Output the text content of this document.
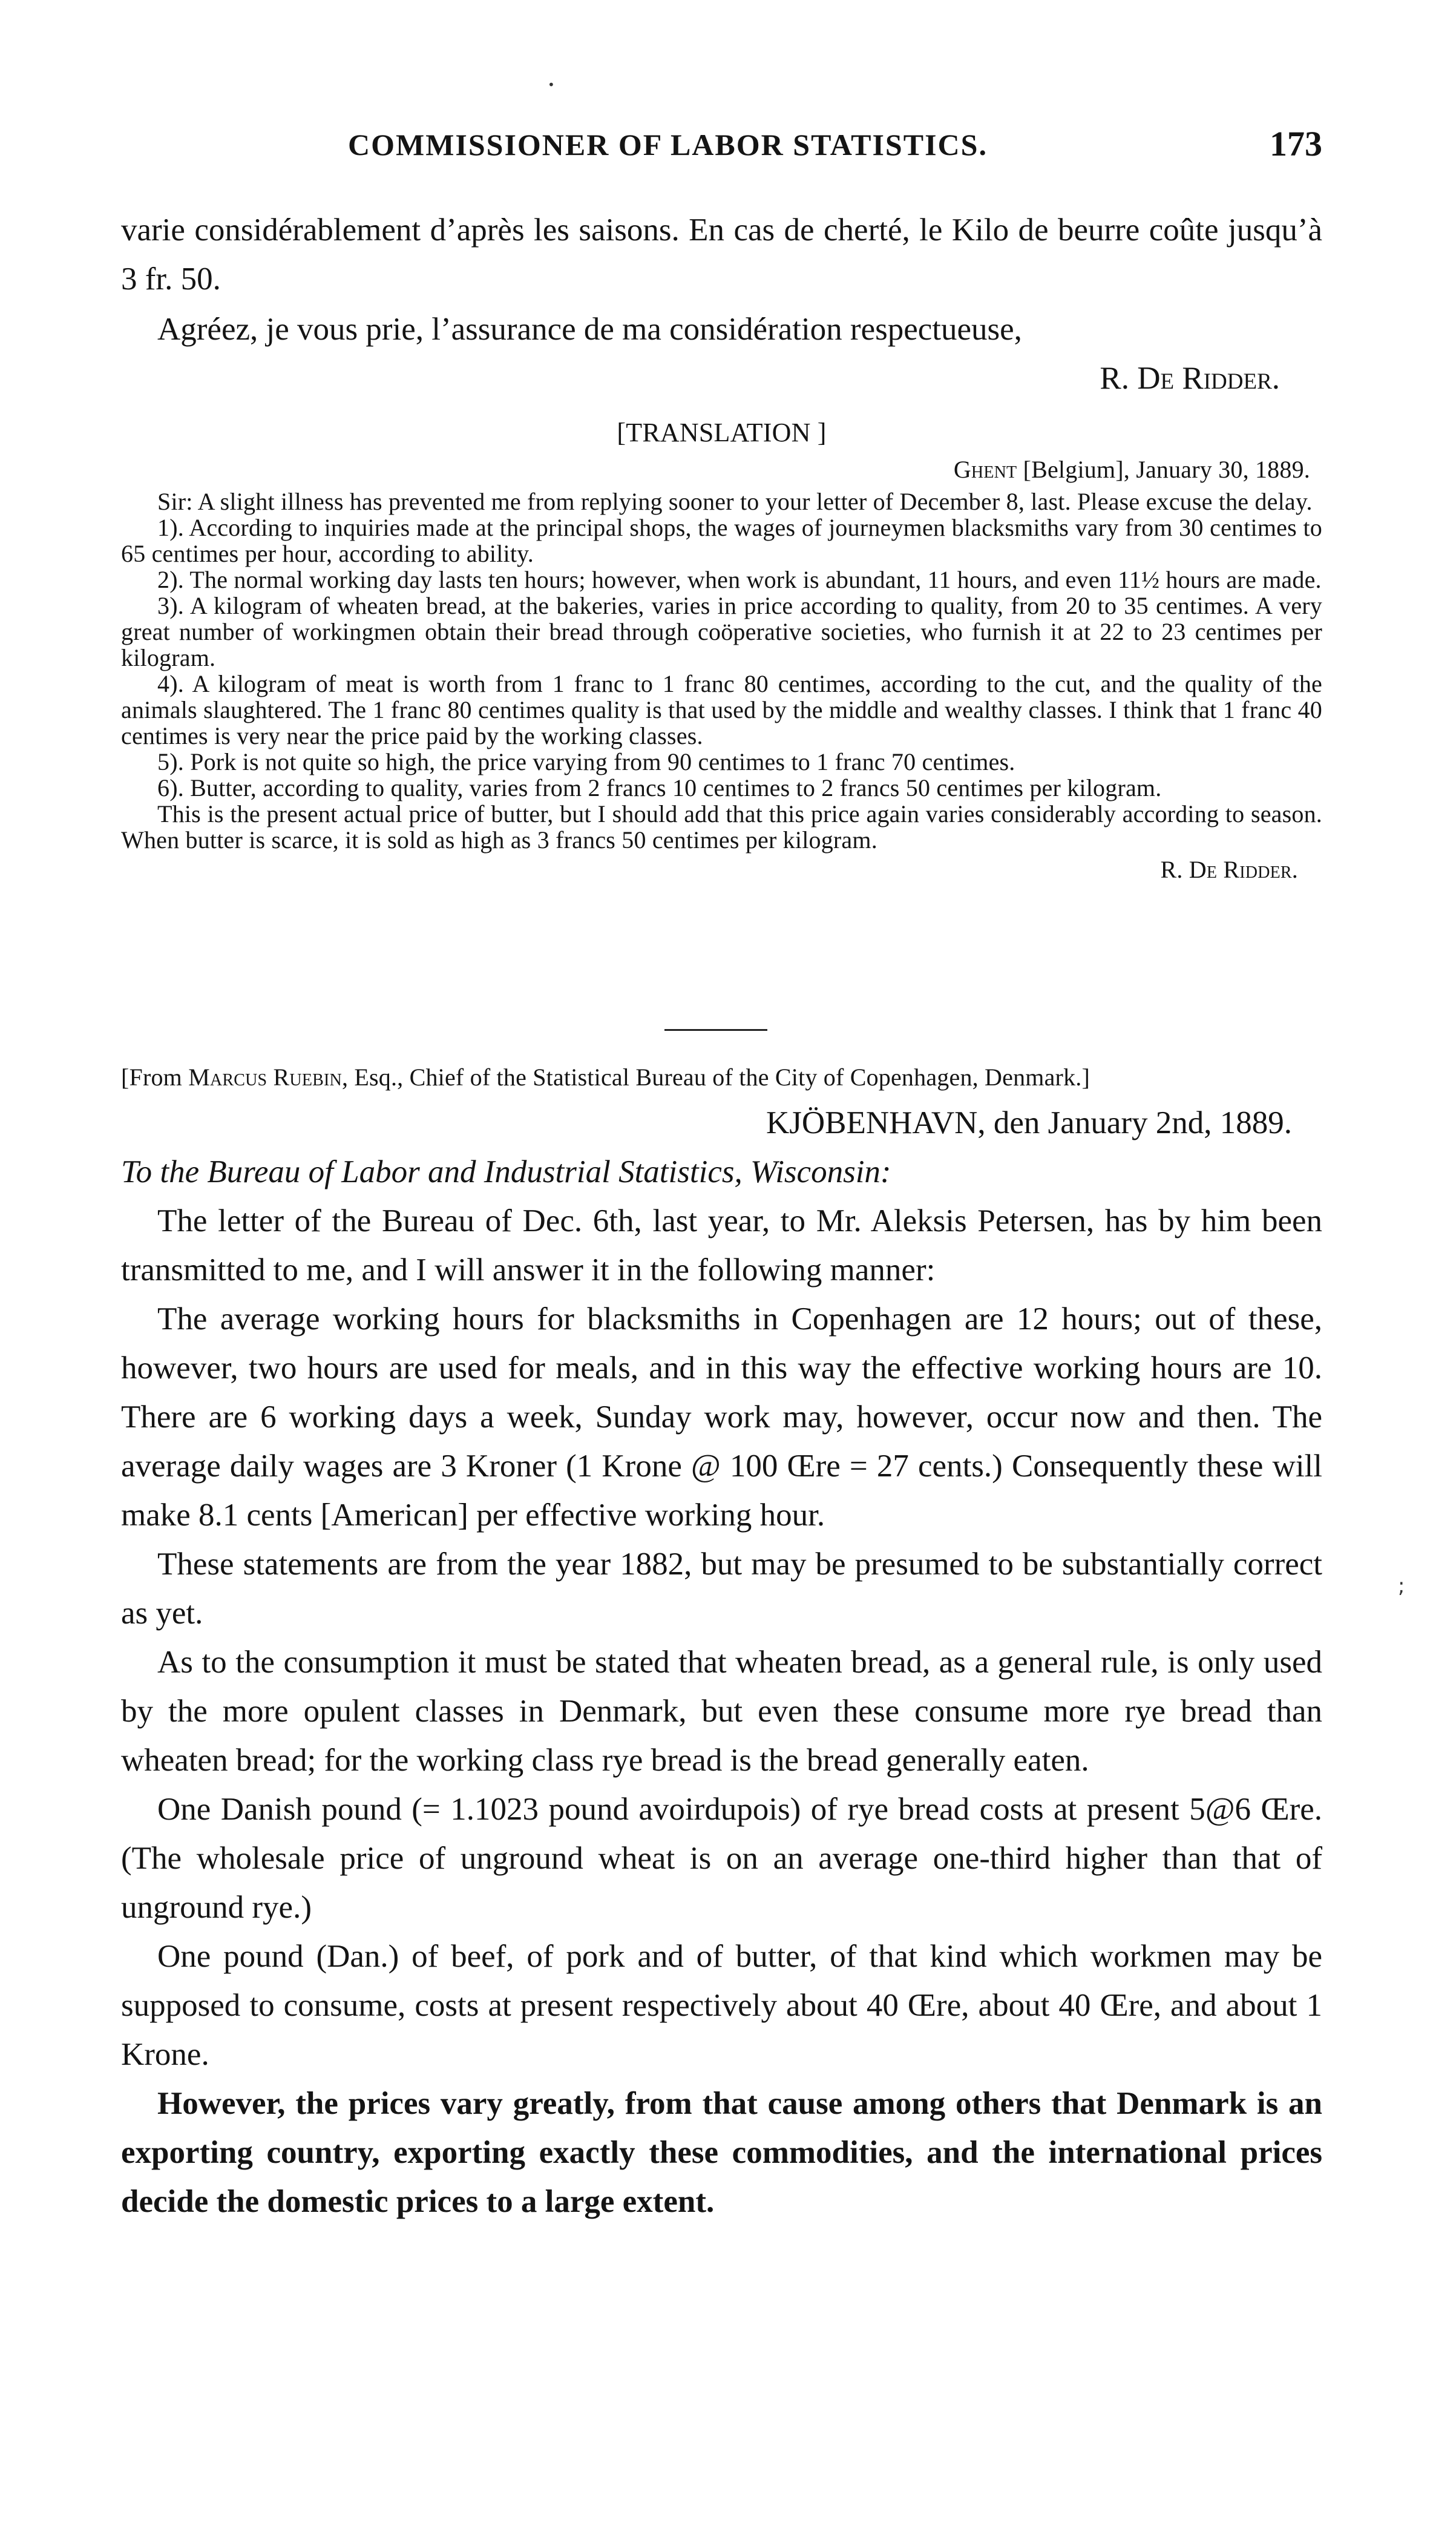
COMMISSIONER OF LABOR STATISTICS.	173

varie considérablement d’après les saisons. En cas de cherté, le Kilo de beurre coûte jusqu’à 3 fr. 50.

Agréez, je vous prie, l’assurance de ma considération respectueuse,

R. De Ridder.

[TRANSLATION ]

Ghent [Belgium], January 30, 1889.

Sir: A slight illness has prevented me from replying sooner to your letter of December 8, last. Please excuse the delay.

1). According to inquiries made at the principal shops, the wages of journeymen blacksmiths vary from 30 centimes to 65 centimes per hour, according to ability.

2). The normal working day lasts ten hours; however, when work is abundant, 11 hours, and even 11½ hours are made.

3). A kilogram of wheaten bread, at the bakeries, varies in price according to quality, from 20 to 35 centimes. A very great number of workingmen obtain their bread through coöperative societies, who furnish it at 22 to 23 centimes per kilogram.

4). A kilogram of meat is worth from 1 franc to 1 franc 80 centimes, according to the cut, and the quality of the animals slaughtered. The 1 franc 80 centimes quality is that used by the middle and wealthy classes. I think that 1 franc 40 centimes is very near the price paid by the working classes.

5). Pork is not quite so high, the price varying from 90 centimes to 1 franc 70 centimes.

6). Butter, according to quality, varies from 2 francs 10 centimes to 2 francs 50 centimes per kilogram.

This is the present actual price of butter, but I should add that this price again varies considerably according to season. When butter is scarce, it is sold as high as 3 francs 50 centimes per kilogram.

R. De Ridder.

[From Marcus Ruebin, Esq., Chief of the Statistical Bureau of the City of Copenhagen, Denmark.]

KJÖBENHAVN, den January 2nd, 1889.

To the Bureau of Labor and Industrial Statistics, Wisconsin:

The letter of the Bureau of Dec. 6th, last year, to Mr. Aleksis Petersen, has by him been transmitted to me, and I will answer it in the following manner:

The average working hours for blacksmiths in Copenhagen are 12 hours; out of these, however, two hours are used for meals, and in this way the effective working hours are 10. There are 6 working days a week, Sunday work may, however, occur now and then. The average daily wages are 3 Kroner (1 Krone @ 100 Œre = 27 cents.) Consequently these will make 8.1 cents [American] per effective working hour.

These statements are from the year 1882, but may be presumed to be substantially correct as yet.

As to the consumption it must be stated that wheaten bread, as a general rule, is only used by the more opulent classes in Denmark, but even these consume more rye bread than wheaten bread; for the working class rye bread is the bread generally eaten.

One Danish pound (= 1.1023 pound avoirdupois) of rye bread costs at present 5@6 Œre. (The wholesale price of unground wheat is on an average one-third higher than that of unground rye.)

One pound (Dan.) of beef, of pork and of butter, of that kind which workmen may be supposed to consume, costs at present respectively about 40 Œre, about 40 Œre, and about 1 Krone.

However, the prices vary greatly, from that cause among others that Denmark is an exporting country, exporting exactly these commodities, and the international prices decide the domestic prices to a large extent.

•
;
